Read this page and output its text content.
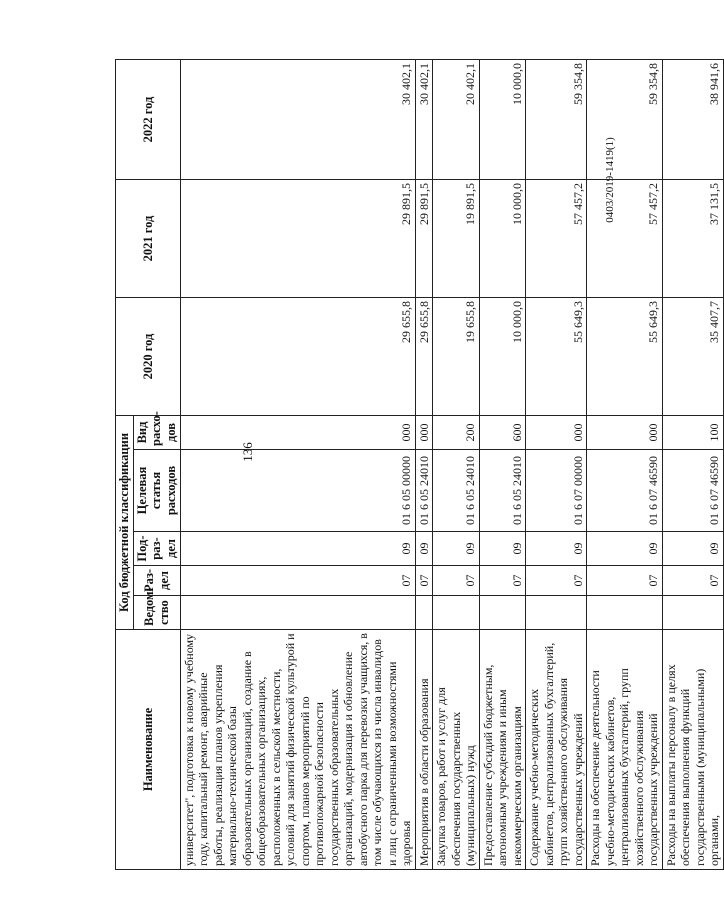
136
0403/2019-1419(1)
Наименование	Код бюджетной классификации					2020 год	2021 год	2022 год
	Ведом-ство	Раз-дел	Под-раз-дел	Целевая статья расходов	Вид расхо-дов			
университет", подготовка к новому учебному году, капитальный ремонт, аварийные работы, реализация планов укрепления материально-технической базы образовательных организаций, создание в общеобразовательных организациях, расположенных в сельской местности, условий для занятий физической культурой и спортом, планов мероприятий по противопожарной безопасности государственных образовательных организаций, модернизация и обновление автобусного парка для перевозки учащихся, в том числе обучающихся из числа инвалидов и лиц с ограниченными возможностями здоровья		07	09	01 6 05 00000	000	29 655,8	29 891,5	30 402,1
Мероприятия в области образования		07	09	01 6 05 24010	000	29 655,8	29 891,5	30 402,1
Закупка товаров, работ и услуг для обеспечения государственных (муниципальных) нужд		07	09	01 6 05 24010	200	19 655,8	19 891,5	20 402,1
Предоставление субсидий бюджетным, автономным учреждениям и иным некоммерческим организациям		07	09	01 6 05 24010	600	10 000,0	10 000,0	10 000,0
Содержание учебно-методических кабинетов, централизованных бухгалтерий, групп хозяйственного обслуживания государственных учреждений		07	09	01 6 07 00000	000	55 649,3	57 457,2	59 354,8
Расходы на обеспечение деятельности учебно-методических кабинетов, централизованных бухгалтерий, групп хозяйственного обслуживания государственных учреждений		07	09	01 6 07 46590	000	55 649,3	57 457,2	59 354,8
Расходы на выплаты персоналу в целях обеспечения выполнения функций государственными (муниципальными) органами,		07	09	01 6 07 46590	100	35 407,7	37 131,5	38 941,6
